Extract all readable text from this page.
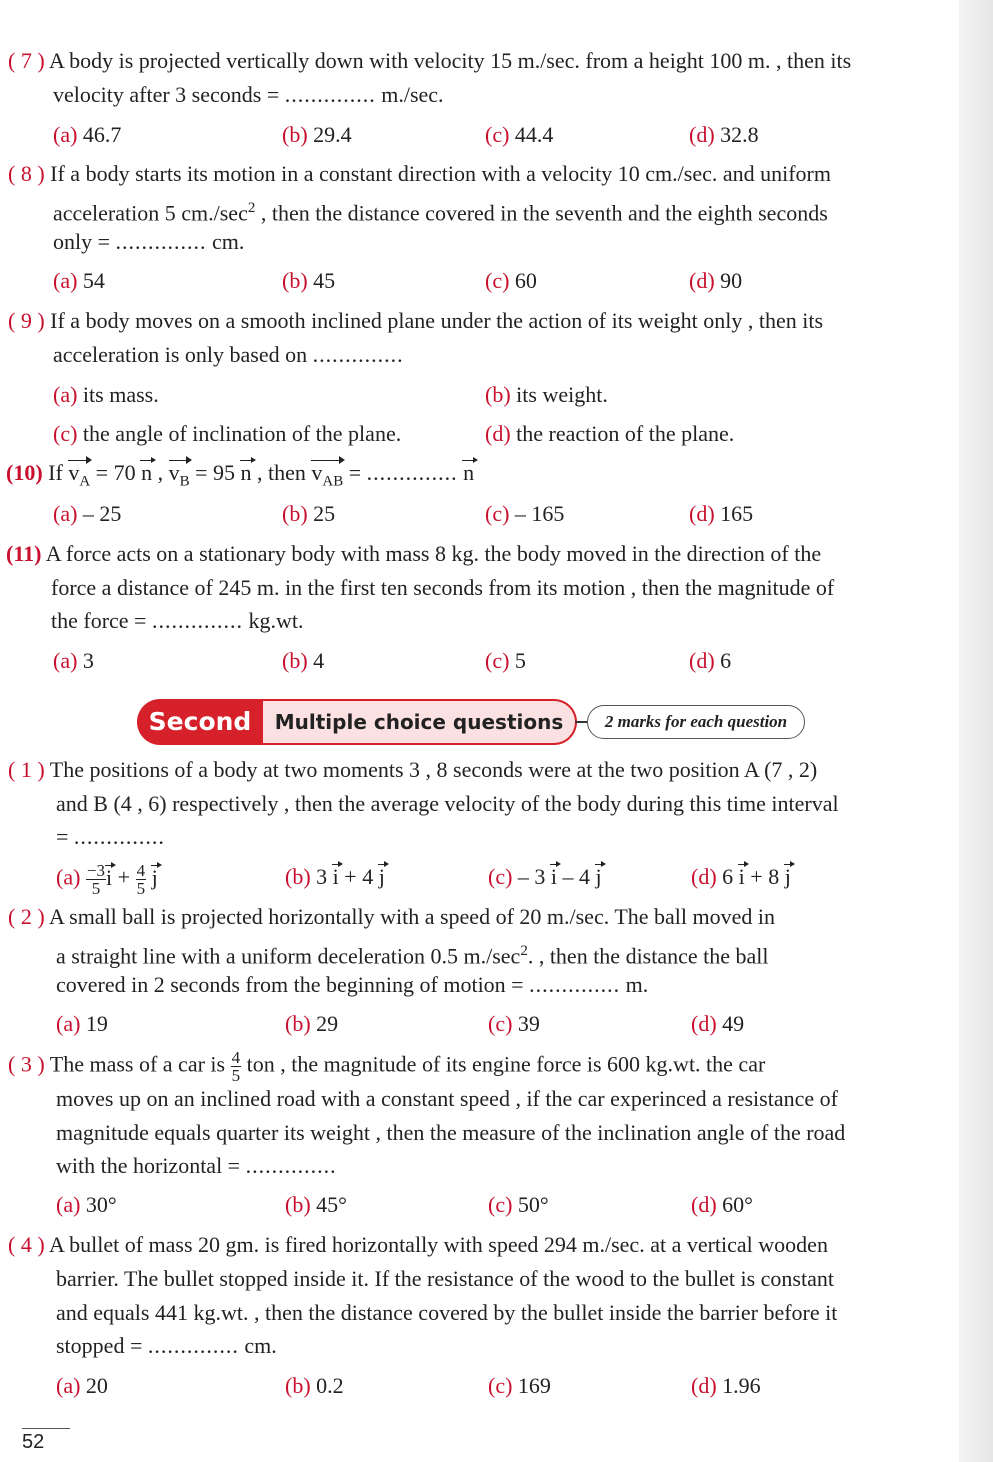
( 7 ) A body is projected vertically down with velocity 15 m./sec. from a height 100 m. , then its
velocity after 3 seconds = .............. m./sec.
(a) 46.7	(b) 29.4	(c) 44.4	(d) 32.8
( 8 ) If a body starts its motion in a constant direction with a velocity 10 cm./sec. and uniform
acceleration 5 $cm./\sec^2$ , then the distance covered in the seventh and the eighth seconds
only = .............. cm.
(a) 54	(b) 45	(c) 60	(d) 90
( 9 ) If a body moves on a smooth inclined plane under the action of its weight only , then its
acceleration is only based on ..............
(a) its mass.	(b) its weight.
(c) the angle of inclination of the plane.	(d) the reaction of the plane.
(10) If $v_A = 70$ n , $v_B = 95$ n , then $v_{AB}$ = .............. n
(a) – 25	(b) 25	(c) – 165	(d) 165
(11) A force acts on a stationary body with mass 8 kg. the body moved in the direction of the
force a distance of 245 m. in the first ten seconds from its motion , then the magnitude of
the force = .............. kg.wt.
(a) 3	(b) 4	(c) 5	(d) 6
Second	Multiple choice questions	2 marks for each question
( 1 ) The positions of a body at two moments 3 , 8 seconds were at the two position A (7 , 2)
and B (4 , 6) respectively , then the average velocity of the body during this time interval
= ..............
$(a) \frac{-3}{5}$ $i + \frac{4}{5}$ j	(b) 3 i + 4 j	(c) – 3 i – 4 j	(d) 6 i + 8 j
( 2 ) A small ball is projected horizontally with a speed of 20 m./sec. The ball moved in
a straight line with a uniform deceleration 0.5 $m./\sec^2$. , then the distance the ball
covered in 2 seconds from the beginning of motion = .............. m.
(a) 19	(b) 29	(c) 39	(d) 49
( 3 ) The mass of a car is $\frac{4}{5}$ ton , the magnitude of its engine force is 600 kg.wt. the car
moves up on an inclined road with a constant speed , if the car experinced a resistance of
magnitude equals quarter its weight , then the measure of the inclination angle of the road
with the horizontal = ..............
(a) 30°	(b) 45°	(c) 50°	(d) 60°
( 4 ) A bullet of mass 20 gm. is fired horizontally with speed 294 m./sec. at a vertical wooden
barrier. The bullet stopped inside it. If the resistance of the wood to the bullet is constant
and equals 441 kg.wt. , then the distance covered by the bullet inside the barrier before it
stopped = .............. cm.
(a) 20	(b) 0.2	(c) 169	(d) 1.96
52
